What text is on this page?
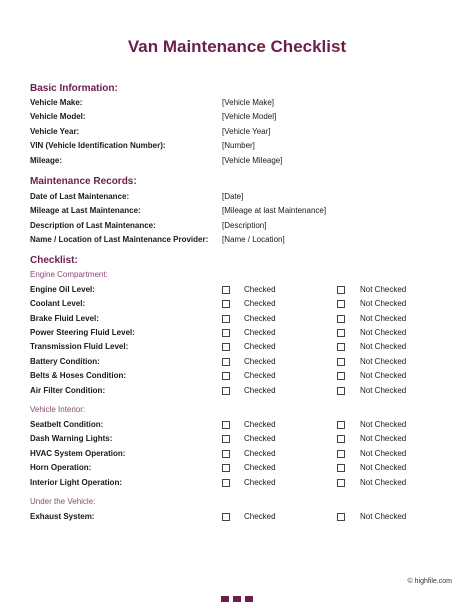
Van Maintenance Checklist
Basic Information:
Vehicle Make:	[Vehicle Make]
Vehicle Model:	[Vehicle Model]
Vehicle Year:	[Vehicle Year]
VIN (Vehicle Identification Number):	[Number]
Mileage:	[Vehicle Mileage]
Maintenance Records:
Date of Last Maintenance:	[Date]
Mileage at Last Maintenance:	[Mileage at last Maintenance]
Description of Last Maintenance:	[Description]
Name / Location of Last Maintenance Provider: [Name / Location]
Checklist:
Engine Compartment:
Engine Oil Level:	Checked	Not Checked
Coolant Level:	Checked	Not Checked
Brake Fluid Level:	Checked	Not Checked
Power Steering Fluid Level:	Checked	Not Checked
Transmission Fluid Level:	Checked	Not Checked
Battery Condition:	Checked	Not Checked
Belts & Hoses Condition:	Checked	Not Checked
Air Filter Condition:	Checked	Not Checked
Vehicle Interior:
Seatbelt Condition:	Checked	Not Checked
Dash Warning Lights:	Checked	Not Checked
HVAC System Operation:	Checked	Not Checked
Horn Operation:	Checked	Not Checked
Interior Light Operation:	Checked	Not Checked
Under the Vehicle:
Exhaust System:	Checked	Not Checked
© highfile.com
